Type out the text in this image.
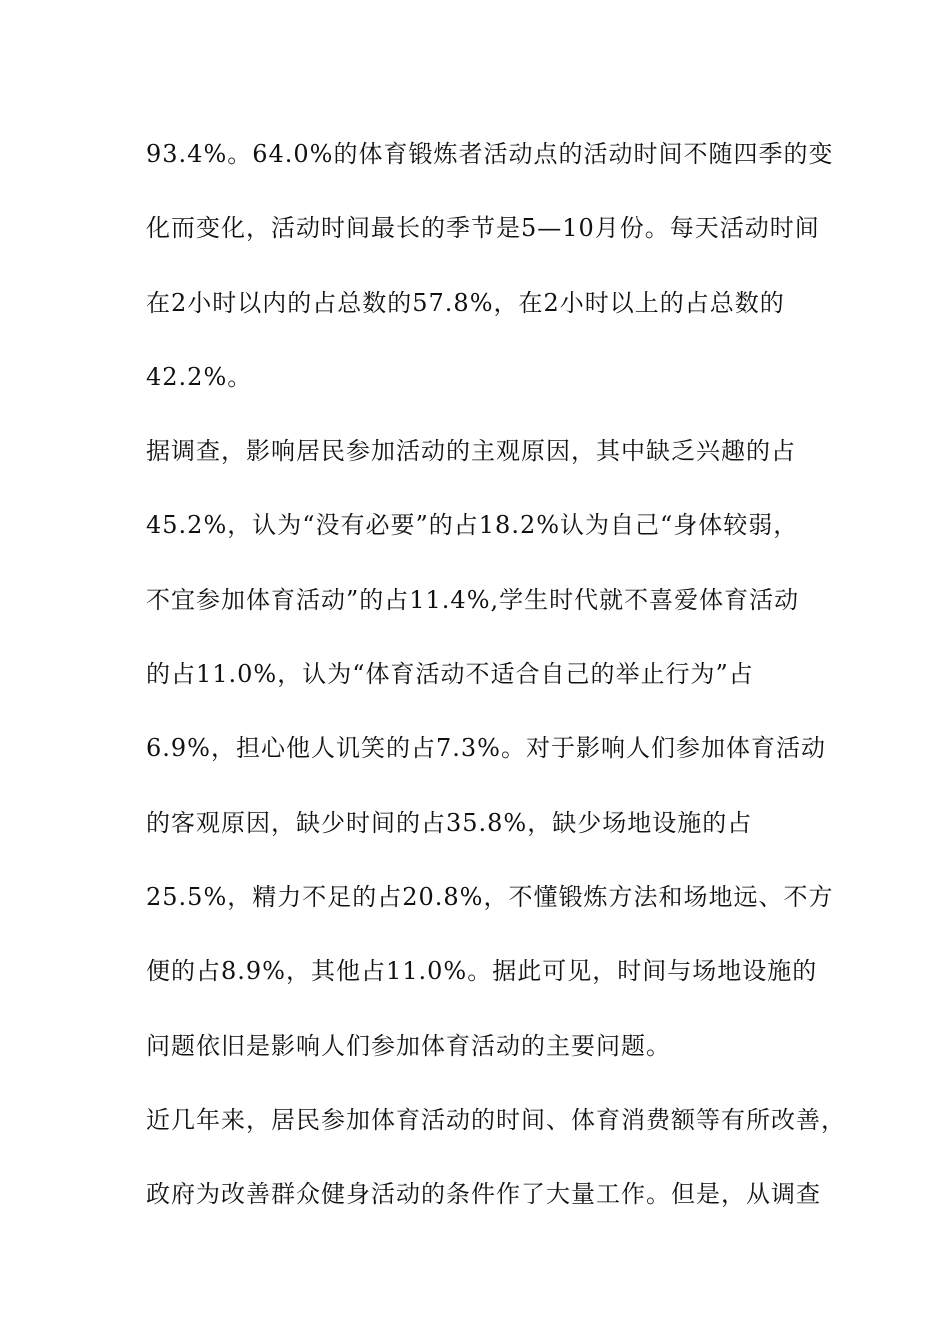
93.4%。64.0%的体育锻炼者活动点的活动时间不随四季的变
化而变化，活动时间最长的季节是5—10月份。每天活动时间
在2小时以内的占总数的57.8%，在2小时以上的占总数的
42.2%。
据调查，影响居民参加活动的主观原因，其中缺乏兴趣的占
45.2%，认为“没有必要”的占18.2%认为自己“身体较弱，
不宜参加体育活动”的占11.4%,学生时代就不喜爱体育活动
的占11.0%，认为“体育活动不适合自己的举止行为”占
6.9%，担心他人讥笑的占7.3%。对于影响人们参加体育活动
的客观原因，缺少时间的占35.8%，缺少场地设施的占
25.5%，精力不足的占20.8%，不懂锻炼方法和场地远、不方
便的占8.9%，其他占11.0%。据此可见，时间与场地设施的
问题依旧是影响人们参加体育活动的主要问题。
近几年来，居民参加体育活动的时间、体育消费额等有所改善，
政府为改善群众健身活动的条件作了大量工作。但是，从调查
